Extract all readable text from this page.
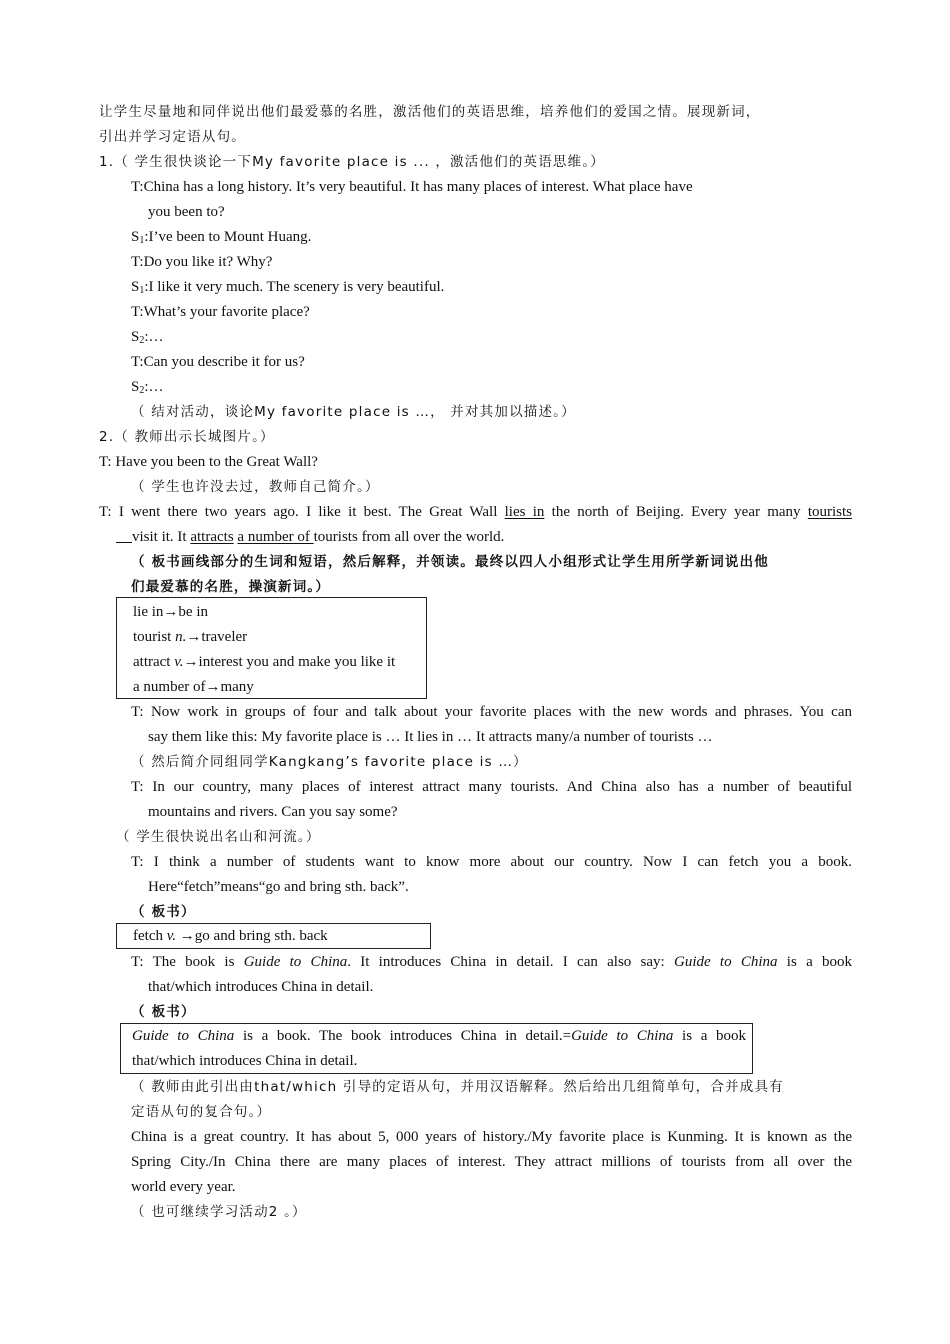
让学生尽量地和同伴说出他们最爱慕的名胜，激活他们的英语思维，培养他们的爱国之情。展现新词，
引出并学习定语从句。
1.（ 学生很快谈论一下My favorite place is ... ，激活他们的英语思维。）
T:China has a long history. It’s very beautiful. It has many places of interest. What place have
you been to?
$S_1:I’ve$ been to Mount Huang.
T:Do you like it? Why?
$S_1:I$ like it very much. The scenery is very beautiful.
T:What’s your favorite place?
$S_2:\dots$
T:Can you describe it for us?
$S_2:\dots$
（ 结对活动，谈论My favorite place is …， 并对其加以描述。）
2.（ 教师出示长城图片。）
T: Have you been to the Great Wall?
（ 学生也许没去过，教师自己简介。）
T: I went there two years ago. I like it best. The Great Wall lies in the north of Beijing. Every year many tourists
visit it. It attracts a number of tourists from all over the world.
（ 板书画线部分的生词和短语，然后解释，并领读。最终以四人小组形式让学生用所学新词说出他
们最爱慕的名胜，操演新词。）
lie in→be in
tourist n.→traveler
attract v.→interest you and make you like it
a number of→many
T: Now work in groups of four and talk about your favorite places with the new words and phrases. You can
say them like this: My favorite place is … It lies in … It attracts many/a number of tourists …
（ 然后简介同组同学Kangkang’s favorite place is …）
T: In our country, many places of interest attract many tourists. And China also has a number of beautiful
mountains and rivers. Can you say some?
（ 学生很快说出名山和河流。）
T: I think a number of students want to know more about our country. Now I can fetch you a book.
Here“fetch”means“go and bring sth. back”.
（ 板书）
fetch v. →go and bring sth. back
T: The book is Guide to China. It introduces China in detail. I can also say: Guide to China is a book
that/which introduces China in detail.
（ 板书）
Guide to China is a book. The book introduces China in detail.=Guide to China is a book
that/which introduces China in detail.
（ 教师由此引出由that/which 引导的定语从句，并用汉语解释。然后给出几组简单句，合并成具有
定语从句的复合句。）
China is a great country. It has about 5, 000 years of history./My favorite place is Kunming. It is known as the
Spring City./In China there are many places of interest. They attract millions of tourists from all over the
world every year.
（ 也可继续学习活动2 。）
